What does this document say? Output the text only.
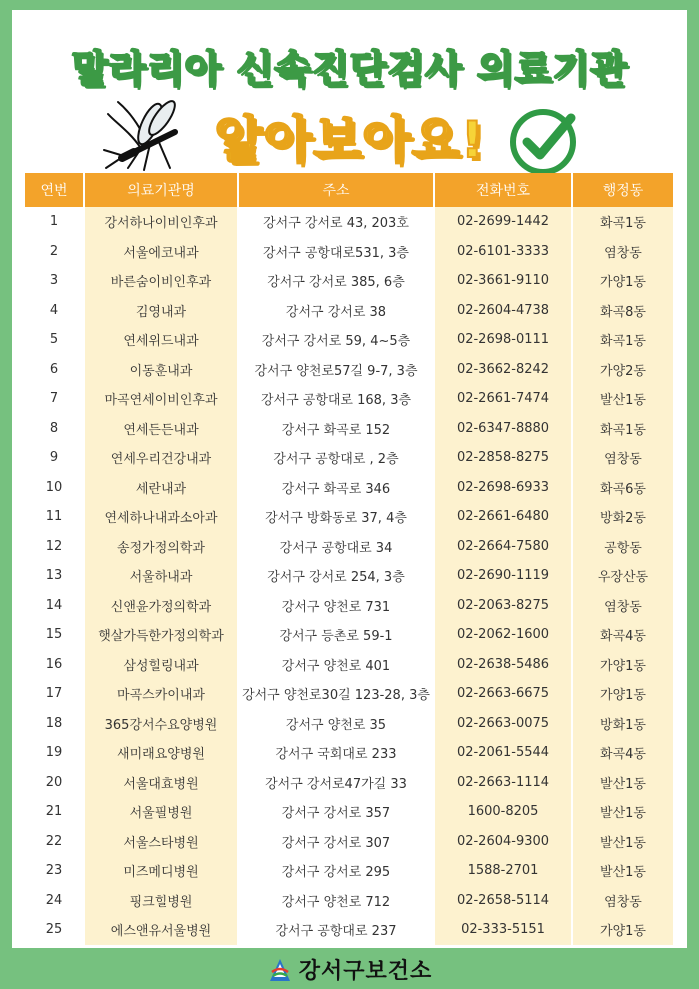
말라리아 신속진단검사 의료기관
알아보아요!
연번	의료기관명	주소	전화번호	행정동
1	강서하나이비인후과	강서구 강서로 43, 203호	02-2699-1442	화곡1동
2	서울에코내과	강서구 공항대로531, 3층	02-6101-3333	염창동
3	바른숨이비인후과	강서구 강서로 385, 6층	02-3661-9110	가양1동
4	김영내과	강서구 강서로 38	02-2604-4738	화곡8동
5	연세위드내과	강서구 강서로 59, 4~5층	02-2698-0111	화곡1동
6	이동훈내과	강서구 양천로57길 9-7, 3층	02-3662-8242	가양2동
7	마곡연세이비인후과	강서구 공항대로 168, 3층	02-2661-7474	발산1동
8	연세든든내과	강서구 화곡로 152	02-6347-8880	화곡1동
9	연세우리건강내과	강서구 공항대로 , 2층	02-2858-8275	염창동
10	세란내과	강서구 화곡로 346	02-2698-6933	화곡6동
11	연세하나내과소아과	강서구 방화동로 37, 4층	02-2661-6480	방화2동
12	송정가정의학과	강서구 공항대로 34	02-2664-7580	공항동
13	서울하내과	강서구 강서로 254, 3층	02-2690-1119	우장산동
14	신앤윤가정의학과	강서구 양천로 731	02-2063-8275	염창동
15	햇살가득한가정의학과	강서구 등촌로 59-1	02-2062-1600	화곡4동
16	삼성힐링내과	강서구 양천로 401	02-2638-5486	가양1동
17	마곡스카이내과	강서구 양천로30길 123-28, 3층	02-2663-6675	가양1동
18	365강서수요양병원	강서구 양천로 35	02-2663-0075	방화1동
19	새미래요양병원	강서구 국회대로 233	02-2061-5544	화곡4동
20	서울대효병원	강서구 강서로47가길 33	02-2663-1114	발산1동
21	서울필병원	강서구 강서로 357	1600-8205	발산1동
22	서울스타병원	강서구 강서로 307	02-2604-9300	발산1동
23	미즈메디병원	강서구 강서로 295	1588-2701	발산1동
24	핑크힐병원	강서구 양천로 712	02-2658-5114	염창동
25	에스앤유서울병원	강서구 공항대로 237	02-333-5151	가양1동
강서구보건소
